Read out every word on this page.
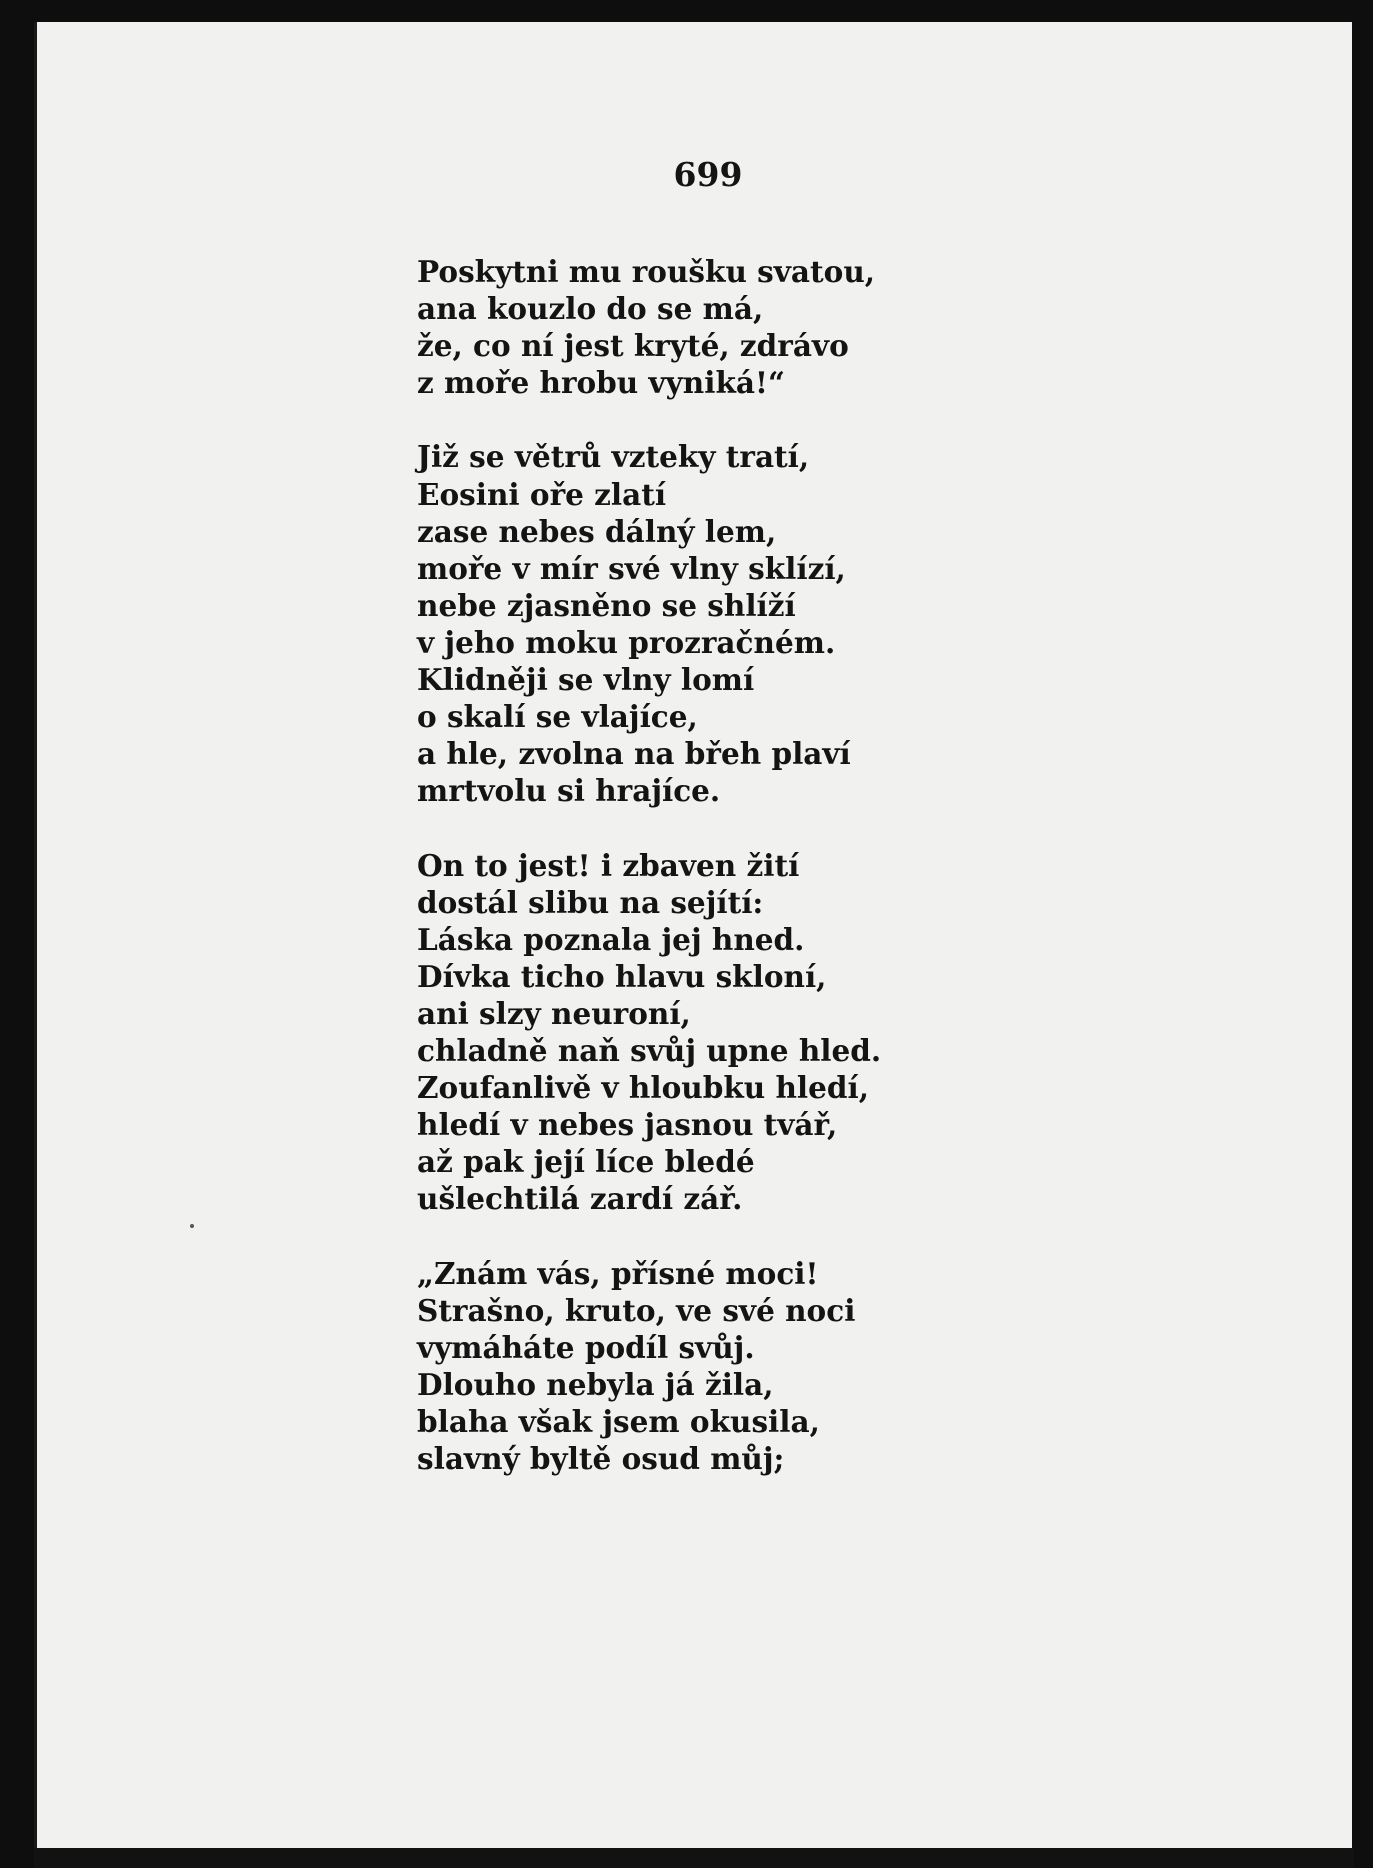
699
Poskytni mu roušku svatou,
ana kouzlo do se má,
že, co ní jest kryté, zdrávo
z moře hrobu vyniká!“
Již se větrů vzteky tratí,
Eosini oře zlatí
zase nebes dálný lem,
moře v mír své vlny sklízí,
nebe zjasněno se shlíží
v jeho moku prozračném.
Klidněji se vlny lomí
o skalí se vlajíce,
a hle, zvolna na břeh plaví
mrtvolu si hrajíce.
On to jest! i zbaven žití
dostál slibu na sejítí:
Láska poznala jej hned.
Dívka ticho hlavu skloní,
ani slzy neuroní,
chladně naň svůj upne hled.
Zoufanlivě v hloubku hledí,
hledí v nebes jasnou tvář,
až pak její líce bledé
ušlechtilá zardí zář.
„Znám vás, přísné moci!
Strašno, kruto, ve své noci
vymáháte podíl svůj.
Dlouho nebyla já žila,
blaha však jsem okusila,
slavný byltě osud můj;
